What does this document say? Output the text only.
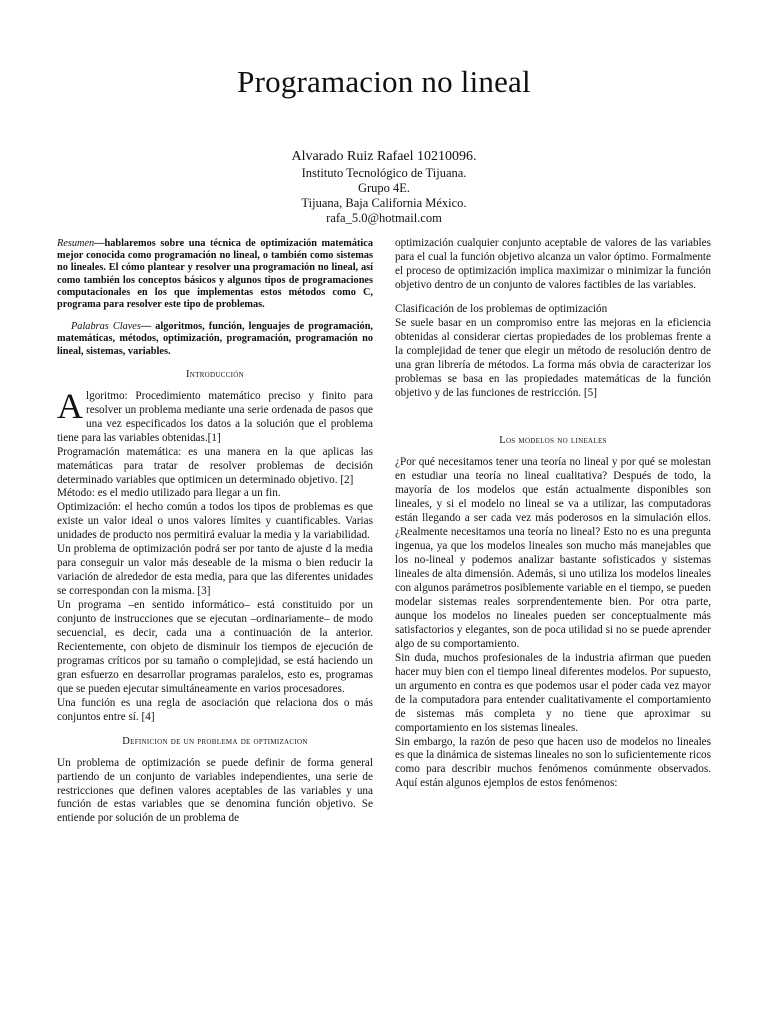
Programacion no lineal
Alvarado Ruiz Rafael 10210096.
Instituto Tecnológico de Tijuana.
Grupo 4E.
Tijuana, Baja California México.
rafa_5.0@hotmail.com

Resumen—hablaremos sobre una técnica de optimización matemática mejor conocida como programación no lineal, o también como sistemas no lineales. El cómo plantear y resolver una programación no lineal, así como también los conceptos básicos y algunos tipos de programaciones computacionales en los que implementas estos métodos como C, programa para resolver este tipo de problemas.

Palabras Claves— algoritmos, función, lenguajes de programación, matemáticas, métodos, optimización, programación, programación no lineal, sistemas, variables.

Introducción

Algoritmo: Procedimiento matemático preciso y finito para resolver un problema mediante una serie ordenada de pasos que una vez especificados los datos a la solución que el problema tiene para las variables obtenidas.[1]

Programación matemática: es una manera en la que aplicas las matemáticas para tratar de resolver problemas de decisión determinado variables que optimicen un determinado objetivo. [2]

Método: es el medio utilizado para llegar a un fin.

Optimización: el hecho común a todos los tipos de problemas es que existe un valor ideal o unos valores límites y cuantificables. Varias unidades de producto nos permitirá evaluar la media y la variabilidad.

Un problema de optimización podrá ser por tanto de ajuste d la media para conseguir un valor más deseable de la misma o bien reducir la variación de alrededor de esta media, para que las diferentes unidades se correspondan con la misma. [3]

Un programa –en sentido informático– está constituido por un conjunto de instrucciones que se ejecutan –ordinariamente– de modo secuencial, es decir, cada una a continuación de la anterior. Recientemente, con objeto de disminuir los tiempos de ejecución de programas críticos por su tamaño o complejidad, se está haciendo un gran esfuerzo en desarrollar programas paralelos, esto es, programas que se pueden ejecutar simultáneamente en varios procesadores.

Una función es una regla de asociación que relaciona dos o más conjuntos entre sí. [4]

Definicion de un problema de optimizacion

Un problema de optimización se puede definir de forma general partiendo de un conjunto de variables independientes, una serie de restricciones que definen valores aceptables de las variables y una función de estas variables que se denomina función objetivo. Se entiende por solución de un problema de

optimización cualquier conjunto aceptable de valores de las variables para el cual la función objetivo alcanza un valor óptimo. Formalmente el proceso de optimización implica maximizar o minimizar la función objetivo dentro de un conjunto de valores factibles de las variables.

Clasificación de los problemas de optimización

Se suele basar en un compromiso entre las mejoras en la eficiencia obtenidas al considerar ciertas propiedades de los problemas frente a la complejidad de tener que elegir un método de resolución dentro de una gran librería de métodos. La forma más obvia de caracterizar los problemas se basa en las propiedades matemáticas de la función objetivo y de las funciones de restricción. [5]

Los modelos no lineales

¿Por qué necesitamos tener una teoría no lineal y por qué se molestan en estudiar una teoría no lineal cualitativa? Después de todo, la mayoría de los modelos que están actualmente disponibles son lineales, y si el modelo no lineal se va a utilizar, las computadoras están llegando a ser cada vez más poderosos en la simulación ellos. ¿Realmente necesitamos una teoría no lineal? Esto no es una pregunta ingenua, ya que los modelos lineales son mucho más manejables que los no-lineal y podemos analizar bastante sofisticados y sistemas lineales de alta dimensión. Además, si uno utiliza los modelos lineales con algunos parámetros posiblemente variable en el tiempo, se pueden modelar sistemas reales sorprendentemente bien. Por otra parte, aunque los modelos no lineales pueden ser conceptualmente más satisfactorios y elegantes, son de poca utilidad si no se puede aprender algo de su comportamiento.

Sin duda, muchos profesionales de la industria afirman que pueden hacer muy bien con el tiempo lineal diferentes modelos. Por supuesto, un argumento en contra es que podemos usar el poder cada vez mayor de la computadora para entender cualitativamente el comportamiento de sistemas más completa y no tiene que aproximar su comportamiento en los sistemas lineales.

Sin embargo, la razón de peso que hacen uso de modelos no lineales es que la dinámica de sistemas lineales no son lo suficientemente ricos como para describir muchos fenómenos comúnmente observados. Aquí están algunos ejemplos de estos fenómenos:
